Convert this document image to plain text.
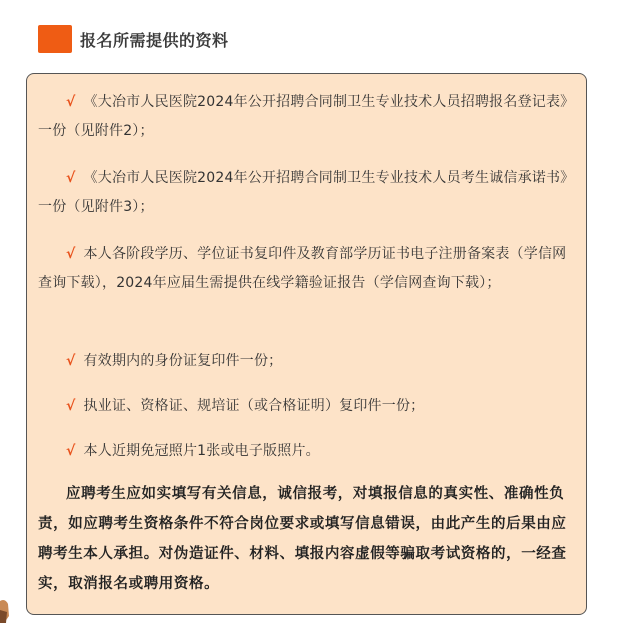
报名所需提供的资料
√ 《大冶市人民医院2024年公开招聘合同制卫生专业技术人员招聘报名登记表》一份（见附件2）；
√ 《大冶市人民医院2024年公开招聘合同制卫生专业技术人员考生诚信承诺书》一份（见附件3）；
√ 本人各阶段学历、学位证书复印件及教育部学历证书电子注册备案表（学信网查询下载），2024年应届生需提供在线学籍验证报告（学信网查询下载）；
√ 有效期内的身份证复印件一份；
√ 执业证、资格证、规培证（或合格证明）复印件一份；
√ 本人近期免冠照片1张或电子版照片。
应聘考生应如实填写有关信息，诚信报考，对填报信息的真实性、准确性负责，如应聘考生资格条件不符合岗位要求或填写信息错误，由此产生的后果由应聘考生本人承担。对伪造证件、材料、填报内容虚假等骗取考试资格的，一经查实，取消报名或聘用资格。
